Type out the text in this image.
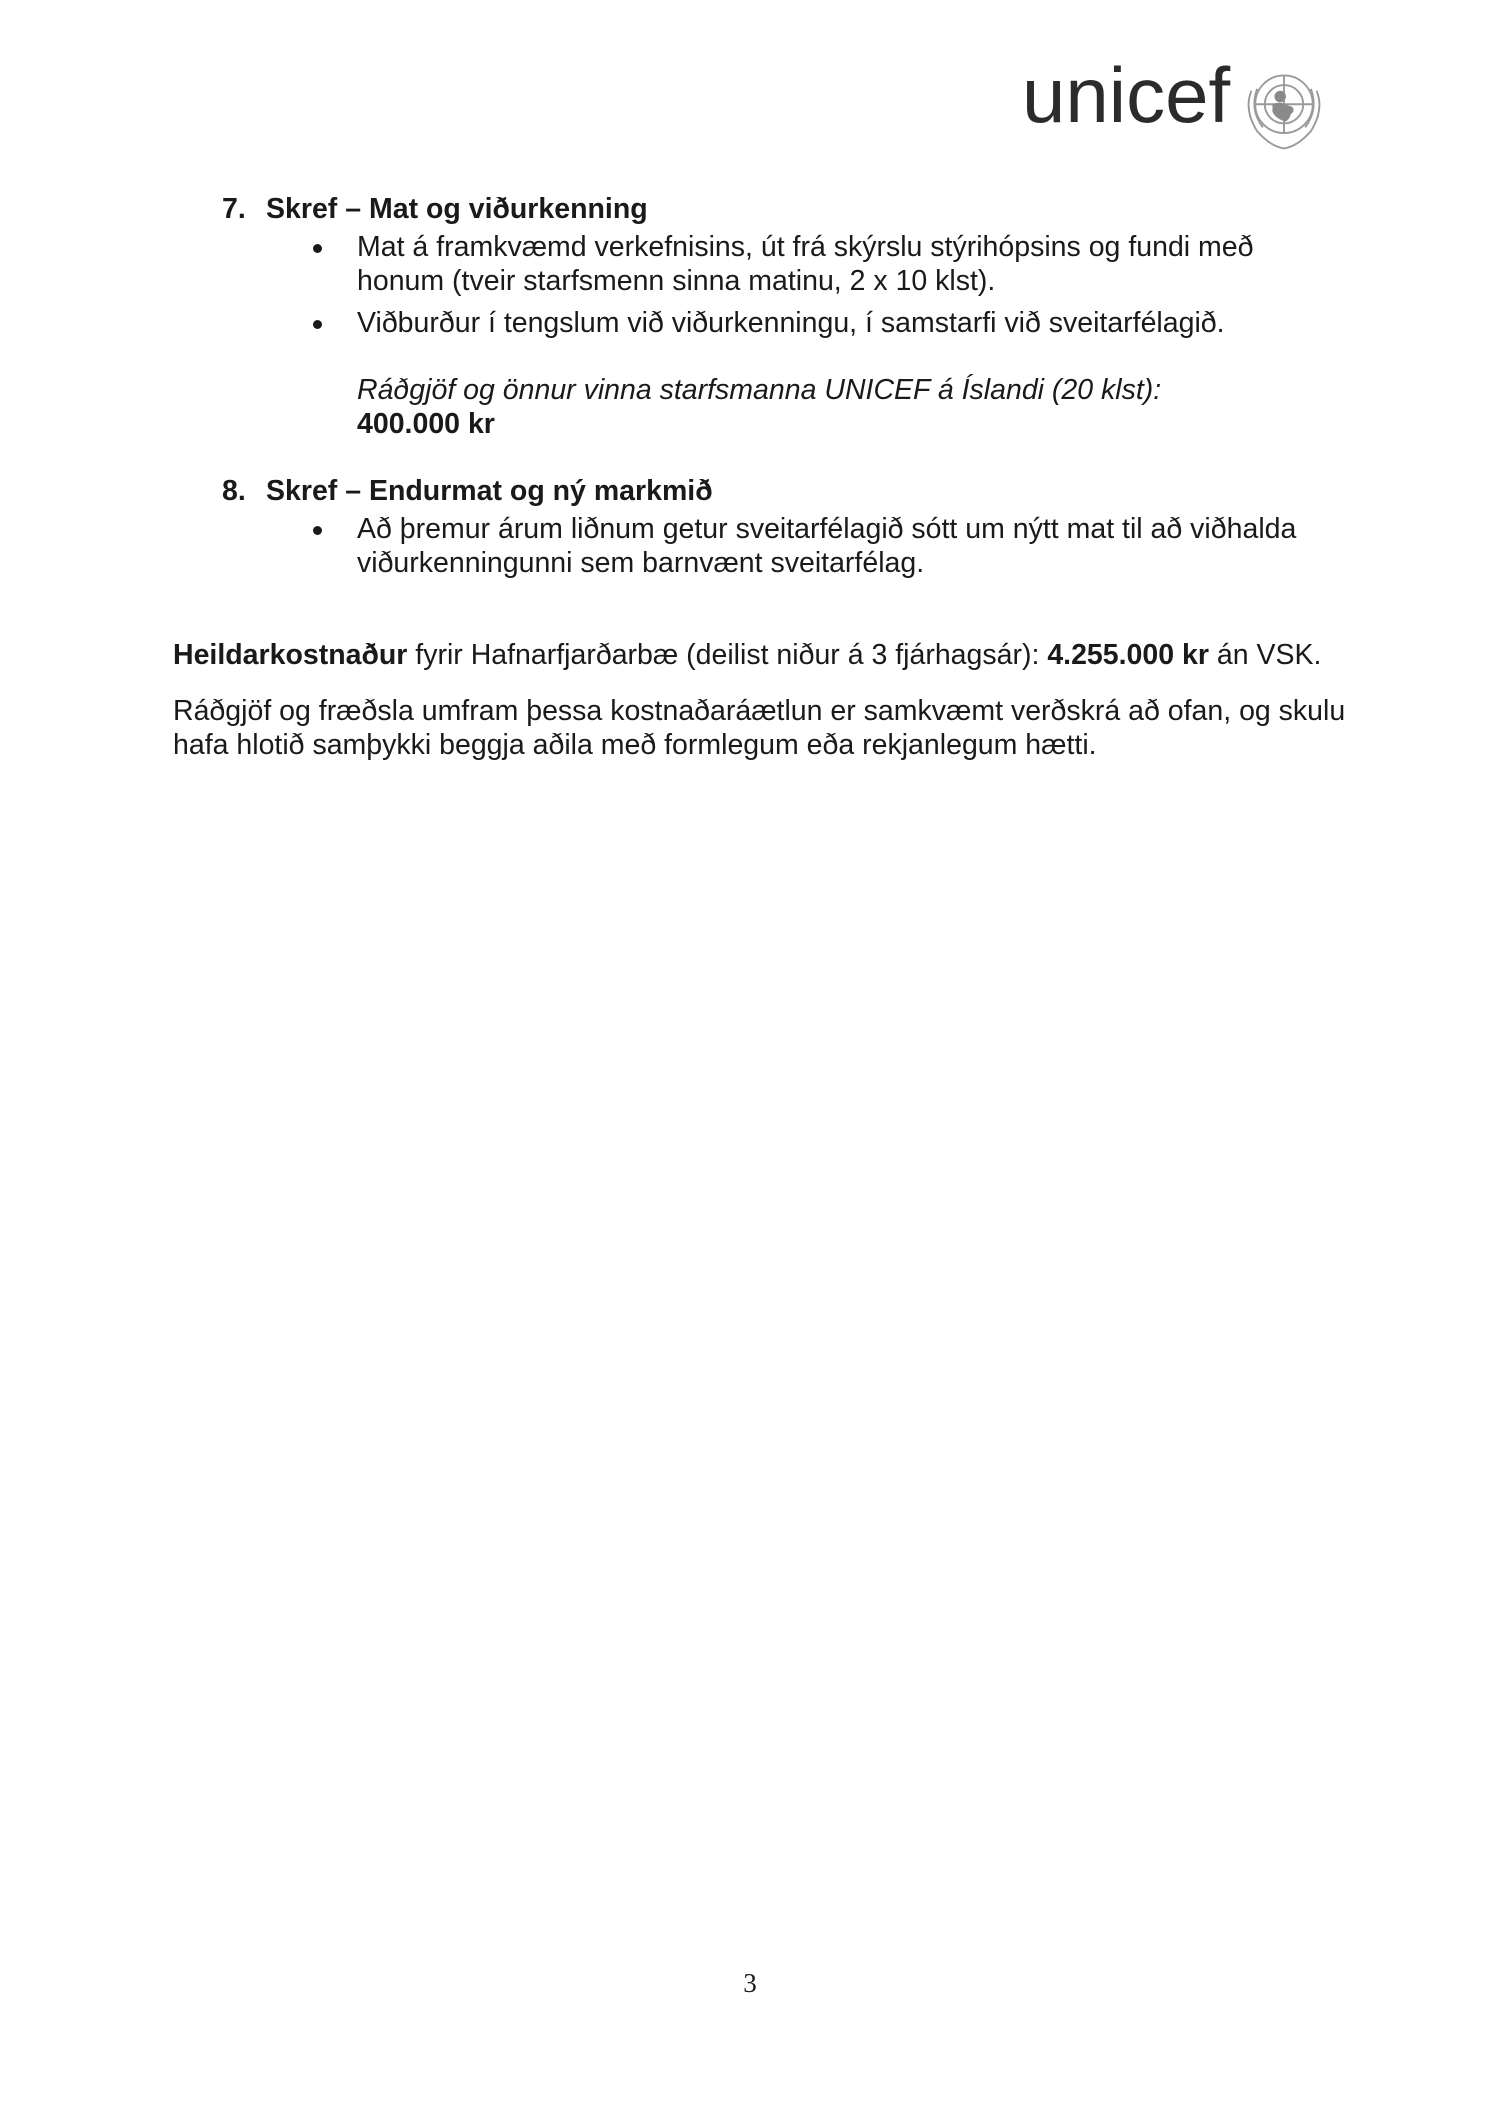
unicef
7. Skref – Mat og viðurkenning
Mat á framkvæmd verkefnisins, út frá skýrslu stýrihópsins og fundi með
honum (tveir starfsmenn sinna matinu, 2 x 10 klst).
Viðburður í tengslum við viðurkenningu, í samstarfi við sveitarfélagið.
Ráðgjöf og önnur vinna starfsmanna UNICEF á Íslandi (20 klst):
400.000 kr
8. Skref – Endurmat og ný markmið
Að þremur árum liðnum getur sveitarfélagið sótt um nýtt mat til að viðhalda
viðurkenningunni sem barnvænt sveitarfélag.
Heildarkostnaður fyrir Hafnarfjarðarbæ (deilist niður á 3 fjárhagsár): 4.255.000 kr án VSK.
Ráðgjöf og fræðsla umfram þessa kostnaðaráætlun er samkvæmt verðskrá að ofan, og skulu
hafa hlotið samþykki beggja aðila með formlegum eða rekjanlegum hætti.
3
